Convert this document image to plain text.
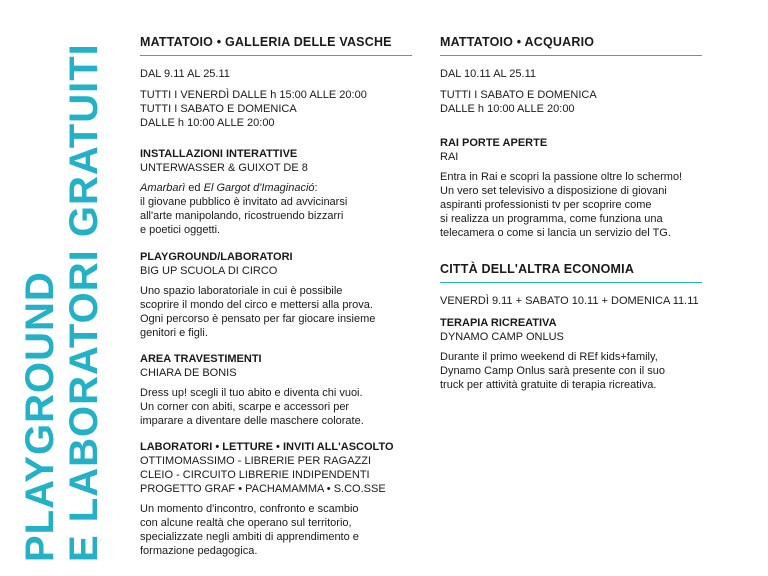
PLAYGROUND E LABORATORI GRATUITI

MATTATOIO • GALLERIA DELLE VASCHE

DAL 9.11 AL 25.11
TUTTI I VENERDÌ DALLE h 15:00 ALLE 20:00
TUTTI I SABATO E DOMENICA
DALLE h 10:00 ALLE 20:00

INSTALLAZIONI INTERATTIVE

UNTERWASSER & GUIXOT DE 8
Amarbarì ed El Gargot d'Imaginació:
il giovane pubblico è invitato ad avvicinarsi
all'arte manipolando, ricostruendo bizzarri
e poetici oggetti.

PLAYGROUND/LABORATORI

BIG UP SCUOLA DI CIRCO
Uno spazio laboratoriale in cui è possibile
scoprire il mondo del circo e mettersi alla prova.
Ogni percorso è pensato per far giocare insieme
genitori e figli.

AREA TRAVESTIMENTI

CHIARA DE BONIS
Dress up! scegli il tuo abito e diventa chi vuoi.
Un corner con abiti, scarpe e accessori per
imparare a diventare delle maschere colorate.

LABORATORI • LETTURE • INVITI ALL'ASCOLTO

OTTIMOMASSIMO - LIBRERIE PER RAGAZZI
CLEIO - CIRCUITO LIBRERIE INDIPENDENTI
PROGETTO GRAF • PACHAMAMMA • S.CO.SSE
Un momento d'incontro, confronto e scambio
con alcune realtà che operano sul territorio,
specializzate negli ambiti di apprendimento e
formazione pedagogica.

MATTATOIO • ACQUARIO

DAL 10.11 AL 25.11
TUTTI I SABATO E DOMENICA
DALLE h 10:00 ALLE 20:00

RAI PORTE APERTE

RAI
Entra in Rai e scopri la passione oltre lo schermo!
Un vero set televisivo a disposizione di giovani
aspiranti professionisti tv per scoprire come
si realizza un programma, come funziona una
telecamera o come si lancia un servizio del TG.

CITTÀ DELL'ALTRA ECONOMIA

VENERDÌ 9.11 + SABATO 10.11 + DOMENICA 11.11

TERAPIA RICREATIVA

DYNAMO CAMP ONLUS
Durante il primo weekend di REf kids+family,
Dynamo Camp Onlus sarà presente con il suo
truck per attività gratuite di terapia ricreativa.
